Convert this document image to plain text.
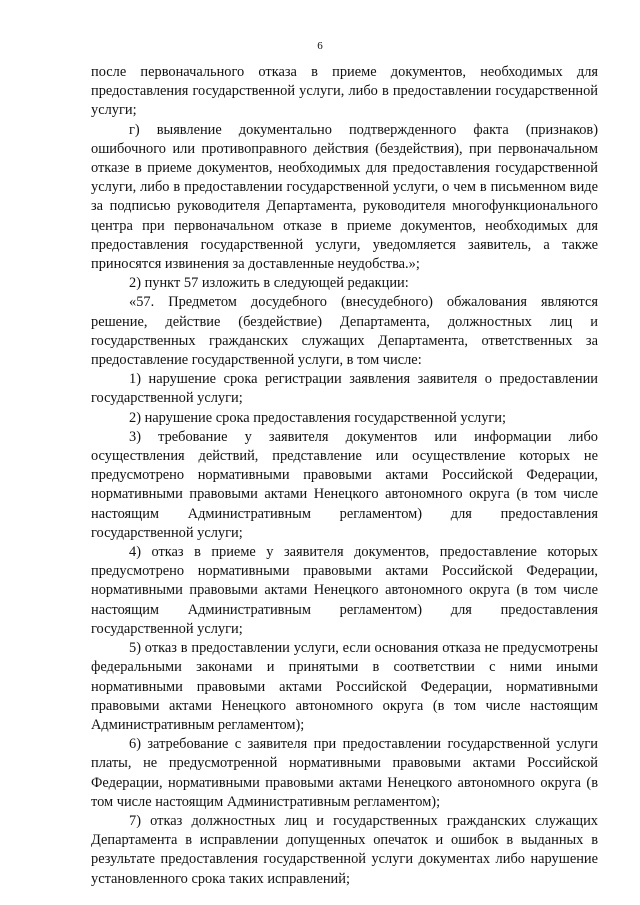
6

после первоначального отказа в приеме документов, необходимых для предоставления государственной услуги, либо в предоставлении государственной услуги;

г) выявление документально подтвержденного факта (признаков) ошибочного или противоправного действия (бездействия), при первоначальном отказе в приеме документов, необходимых для предоставления государственной услуги, либо в предоставлении государственной услуги, о чем в письменном виде за подписью руководителя Департамента, руководителя многофункционального центра при первоначальном отказе в приеме документов, необходимых для предоставления государственной услуги, уведомляется заявитель, а также приносятся извинения за доставленные неудобства.»;

2) пункт 57 изложить в следующей редакции:

«57. Предметом досудебного (внесудебного) обжалования являются решение, действие (бездействие) Департамента, должностных лиц и государственных гражданских служащих Департамента, ответственных за предоставление государственной услуги, в том числе:

1) нарушение срока регистрации заявления заявителя о предоставлении государственной услуги;

2) нарушение срока предоставления государственной услуги;

3) требование у заявителя документов или информации либо осуществления действий, представление или осуществление которых не предусмотрено нормативными правовыми актами Российской Федерации, нормативными правовыми актами Ненецкого автономного округа (в том числе настоящим Административным регламентом) для предоставления государственной услуги;

4) отказ в приеме у заявителя документов, предоставление которых предусмотрено нормативными правовыми актами Российской Федерации, нормативными правовыми актами Ненецкого автономного округа (в том числе настоящим Административным регламентом) для предоставления государственной услуги;

5) отказ в предоставлении услуги, если основания отказа не предусмотрены федеральными законами и принятыми в соответствии с ними иными нормативными правовыми актами Российской Федерации, нормативными правовыми актами Ненецкого автономного округа (в том числе настоящим Административным регламентом);

6) затребование с заявителя при предоставлении государственной услуги платы, не предусмотренной нормативными правовыми актами Российской Федерации, нормативными правовыми актами Ненецкого автономного округа (в том числе настоящим Административным регламентом);

7) отказ должностных лиц и государственных гражданских служащих Департамента в исправлении допущенных опечаток и ошибок в выданных в результате предоставления государственной услуги документах либо нарушение установленного срока таких исправлений;
